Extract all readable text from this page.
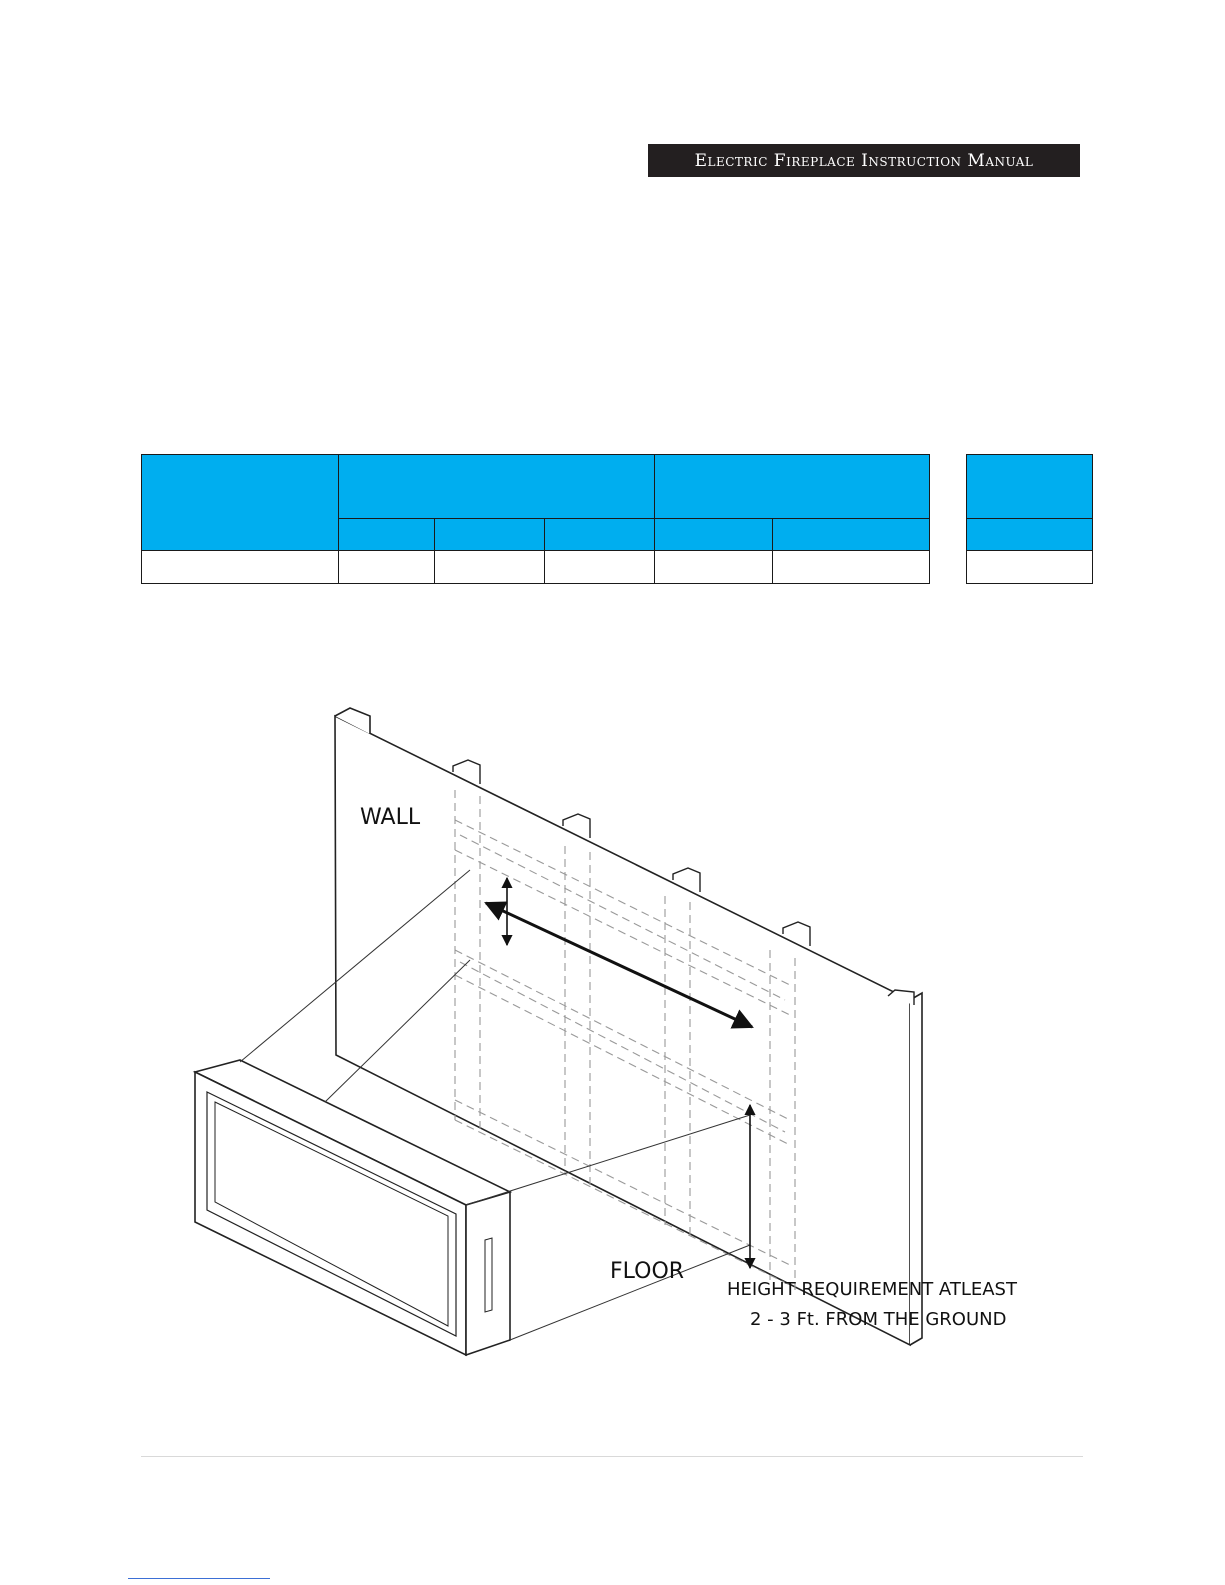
Electric Fireplace Instruction Manual

WALL
FLOOR
HEIGHT REQUIREMENT ATLEAST
2 - 3 Ft. FROM THE GROUND
